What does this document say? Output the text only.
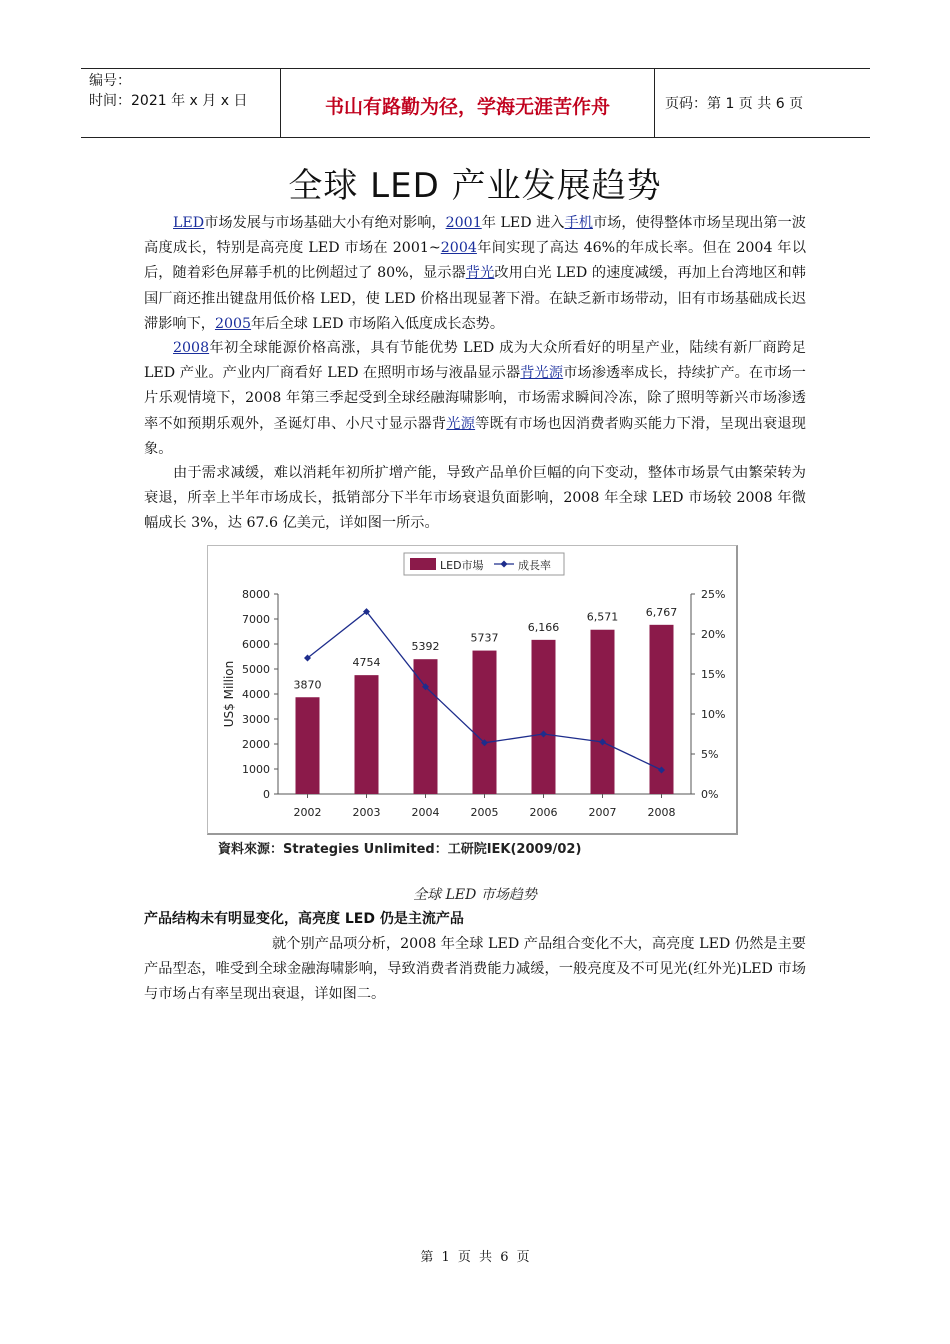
编号：
时间：2021 年 x 月 x 日	书山有路勤为径，学海无涯苦作舟	页码：第 1 页 共 6 页
全球 LED 产业发展趋势

LED市场发展与市场基础大小有绝对影响，2001年 LED 进入手机市场，使得整体市场呈现出第一波高度成长，特别是高亮度 LED 市场在 2001~2004年间实现了高达 46%的年成长率。但在 2004 年以后，随着彩色屏幕手机的比例超过了 80%，显示器背光改用白光 LED 的速度减缓，再加上台湾地区和韩国厂商还推出键盘用低价格 LED，使 LED 价格出现显著下滑。在缺乏新市场带动，旧有市场基础成长迟滞影响下，2005年后全球 LED 市场陷入低度成长态势。

2008年初全球能源价格高涨，具有节能优势 LED 成为大众所看好的明星产业，陆续有新厂商跨足 LED 产业。产业内厂商看好 LED 在照明市场与液晶显示器背光源市场渗透率成长，持续扩产。在市场一片乐观情境下，2008 年第三季起受到全球经融海啸影响，市场需求瞬间冷冻，除了照明等新兴市场渗透率不如预期乐观外，圣诞灯串、小尺寸显示器背光源等既有市场也因消费者购买能力下滑，呈现出衰退现象。

由于需求减缓，难以消耗年初所扩增产能，导致产品单价巨幅的向下变动，整体市场景气由繁荣转为衰退，所幸上半年市场成长，抵销部分下半年市场衰退负面影响，2008 年全球 LED 市场较 2008 年微幅成长 3%，达 67.6 亿美元，详如图一所示。

0
1000
2000
3000
4000
5000
6000
7000
8000
0%
5%
10%
15%
20%
25%
US$ Million	3870
2002
4754
2003
5392
2004
5737
2005
6,166
2006
6,571
2007
6,767
2008
LED市場	成長率
資料來源：Strategies Unlimited：工研院IEK(2009/02)
全球 LED 市场趋势
产品结构未有明显变化，高亮度 LED 仍是主流产品

就个别产品项分析，2008 年全球 LED 产品组合变化不大，高亮度 LED 仍然是主要产品型态，唯受到全球金融海啸影响，导致消费者消费能力减缓，一般亮度及不可见光(红外光)LED 市场与市场占有率呈现出衰退，详如图二。

第 1 页 共 6 页
